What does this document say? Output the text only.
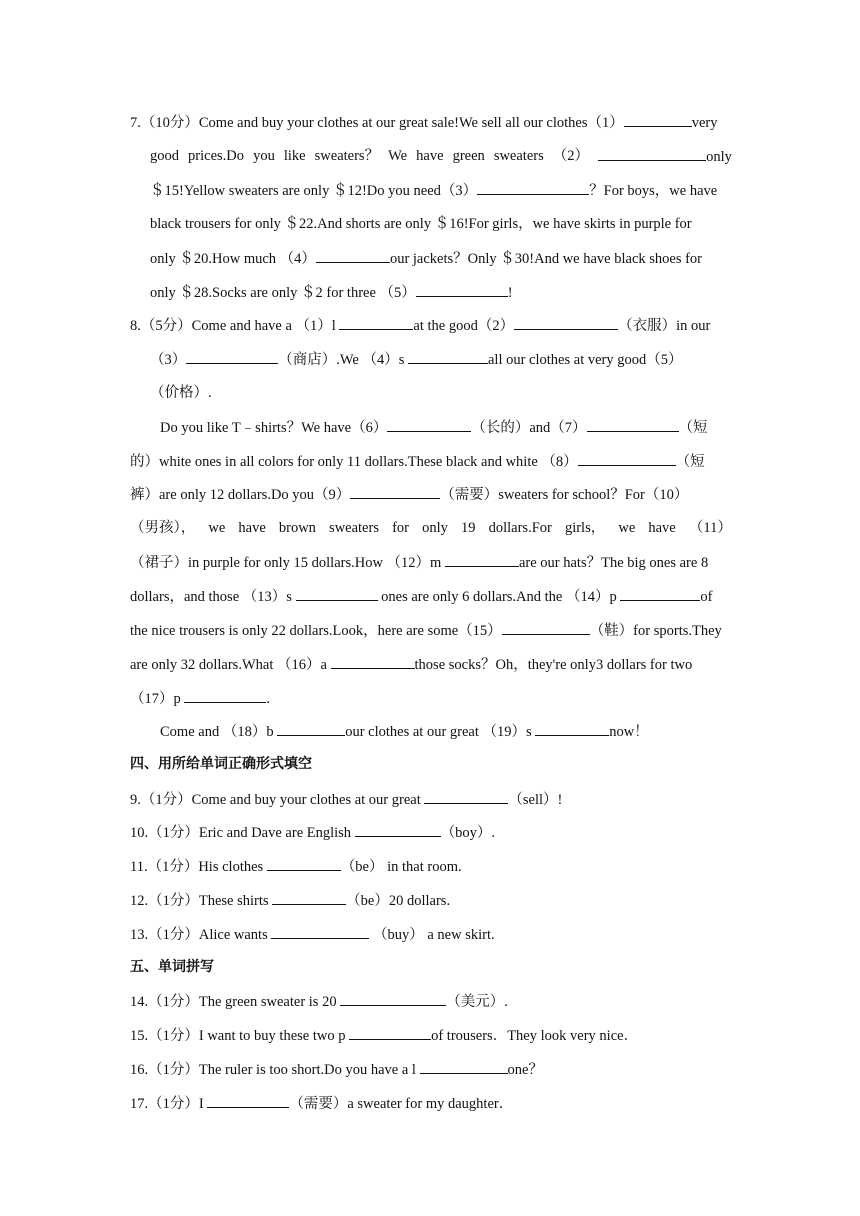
7.（10分）Come and buy your clothes at our great sale!We sell all our clothes（1）	very
good prices.Do you like sweaters？ We have green sweaters （2）	only
＄15!Yellow sweaters are only ＄12!Do you need（3）	？For boys，we have
black trousers for only ＄22.And shorts are only ＄16!For girls，we have skirts in purple for
only ＄20.How much （4）	our jackets？Only ＄30!And we have black shoes for
only ＄28.Socks are only ＄2 for three （5）	!
8.（5分）Come and have a （1）l	at the good（2）	（衣服）in our
（3）	（商店）.We （4）s	all our clothes at very good（5）
（价格）.
Do you like T﹣shirts？We have（6）	（长的）and（7）	（短
的）white ones in all colors for only 11 dollars.These black and white （8）	（短
裤）are only 12 dollars.Do you（9）	（需要）sweaters for school？For（10）
（男孩）， we have brown sweaters for only 19 dollars.For girls， we have （11）
（裙子）in purple for only 15 dollars.How （12）m	are our hats？The big ones are 8
dollars，and those （13）s	ones are only 6 dollars.And the （14）p	of
the nice trousers is only 22 dollars.Look，here are some（15）	（鞋）for sports.They
are only 32 dollars.What （16）a	those socks？Oh，they're only3 dollars for two
（17）p	.
Come and （18）b	our clothes at our great （19）s	now！
四、用所给单词正确形式填空
9.（1分）Come and buy your clothes at our great	（sell）!
10.（1分）Eric and Dave are English	（boy）.
11.（1分）His clothes	（be） in that room.
12.（1分）These shirts	（be）20 dollars.
13.（1分）Alice wants	（buy） a new skirt.
五、单词拼写
14.（1分）The green sweater is 20	（美元）.
15.（1分）I want to buy these two p	of trousers．They look very nice．
16.（1分）The ruler is too short.Do you have a l	one？
17.（1分）I	（需要）a sweater for my daughter．
